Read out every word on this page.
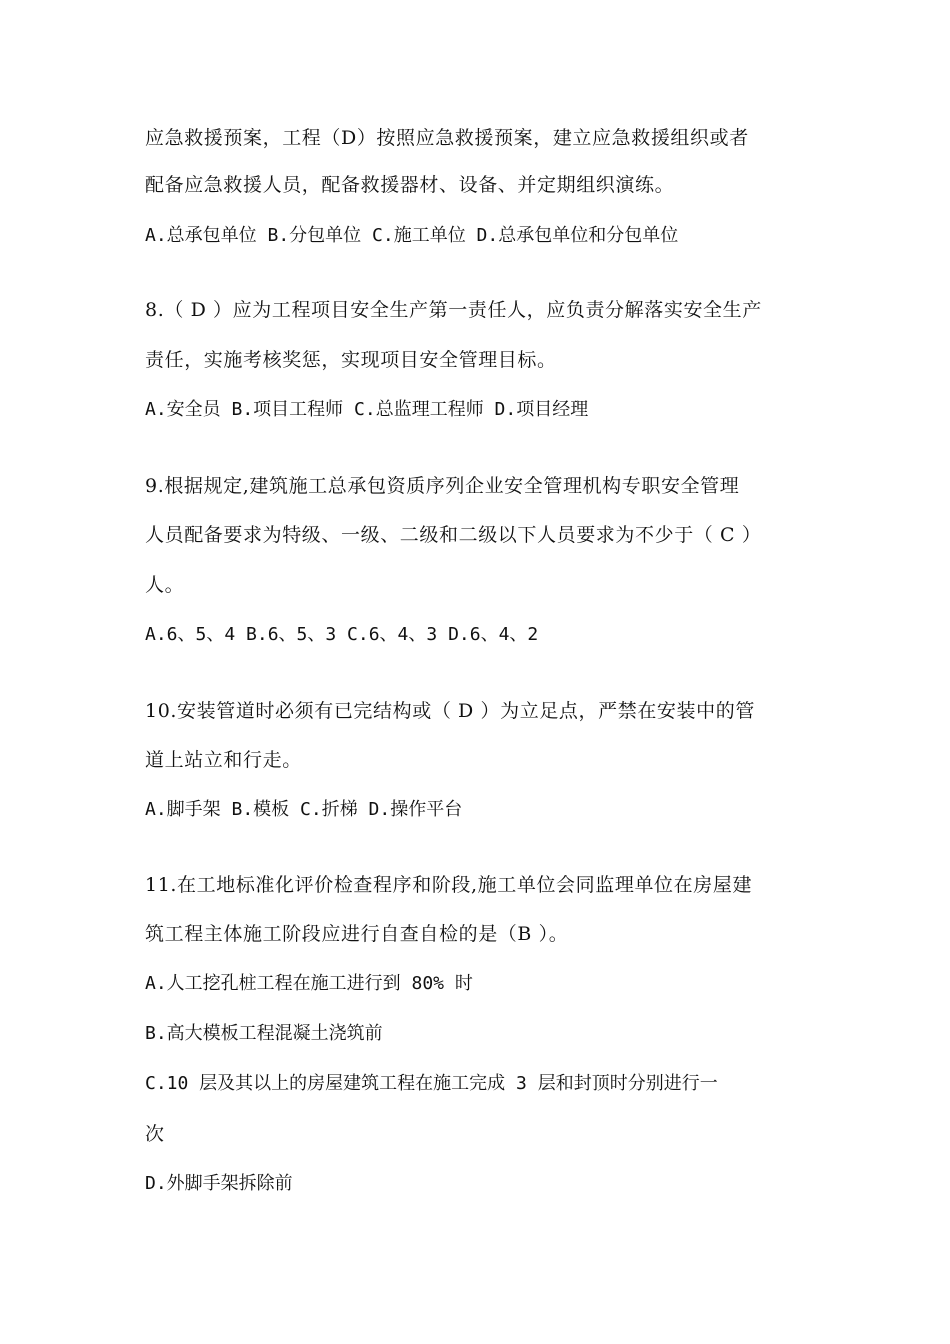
应急救援预案，工程（D）按照应急救援预案，建立应急救援组织或者
配备应急救援人员，配备救援器材、设备、并定期组织演练。
A.总承包单位 B.分包单位 C.施工单位 D.总承包单位和分包单位
8.（ D ）应为工程项目安全生产第一责任人，应负责分解落实安全生产
责任，实施考核奖惩，实现项目安全管理目标。
A.安全员 B.项目工程师 C.总监理工程师 D.项目经理
9.根据规定,建筑施工总承包资质序列企业安全管理机构专职安全管理
人员配备要求为特级、一级、二级和二级以下人员要求为不少于（ C ）
人。
A.6、5、4 B.6、5、3 C.6、4、3 D.6、4、2
10.安装管道时必须有已完结构或（ D ）为立足点，严禁在安装中的管
道上站立和行走。
A.脚手架 B.模板 C.折梯 D.操作平台
11.在工地标准化评价检查程序和阶段,施工单位会同监理单位在房屋建
筑工程主体施工阶段应进行自查自检的是（B ）。
A.人工挖孔桩工程在施工进行到 80% 时
B.高大模板工程混凝土浇筑前
C.10 层及其以上的房屋建筑工程在施工完成 3 层和封顶时分别进行一
次
D.外脚手架拆除前
